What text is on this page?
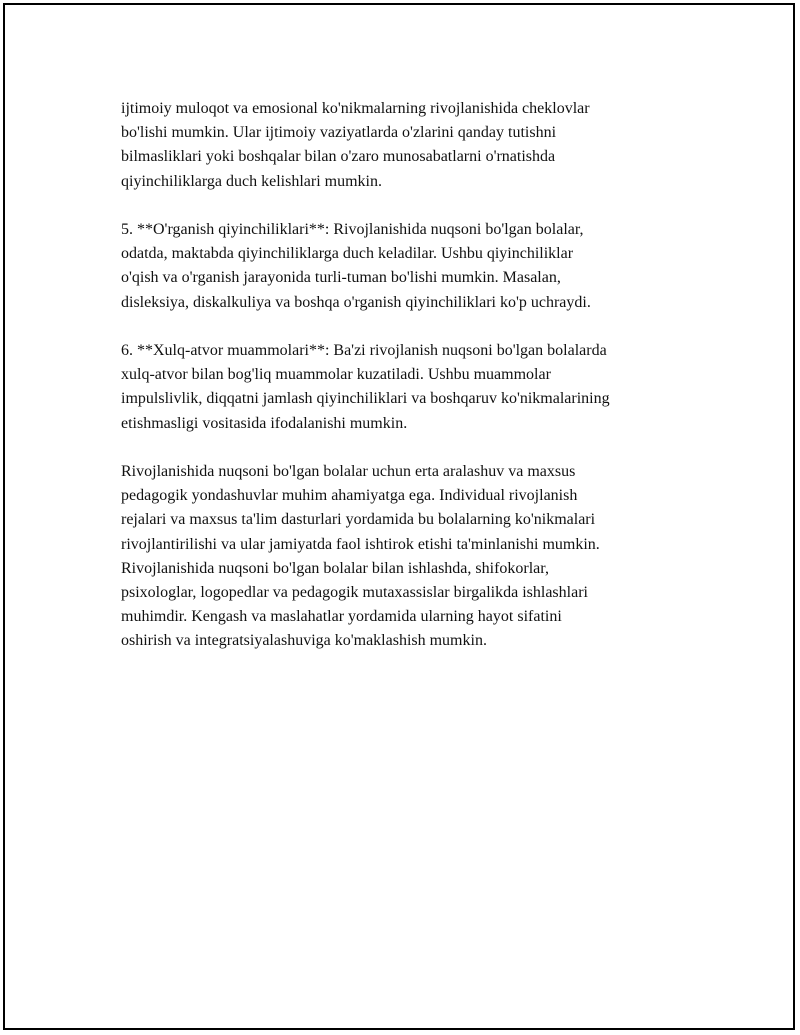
ijtimoiy muloqot va emosional ko'nikmalarning rivojlanishida cheklovlar
bo'lishi mumkin. Ular ijtimoiy vaziyatlarda o'zlarini qanday tutishni
bilmasliklari yoki boshqalar bilan o'zaro munosabatlarni o'rnatishda
qiyinchiliklarga duch kelishlari mumkin.

5. **O'rganish qiyinchiliklari**: Rivojlanishida nuqsoni bo'lgan bolalar,
odatda, maktabda qiyinchiliklarga duch keladilar. Ushbu qiyinchiliklar
o'qish va o'rganish jarayonida turli-tuman bo'lishi mumkin. Masalan,
disleksiya, diskalkuliya va boshqa o'rganish qiyinchiliklari ko'p uchraydi.

6. **Xulq-atvor muammolari**: Ba'zi rivojlanish nuqsoni bo'lgan bolalarda
xulq-atvor bilan bog'liq muammolar kuzatiladi. Ushbu muammolar
impulslivlik, diqqatni jamlash qiyinchiliklari va boshqaruv ko'nikmalarining
etishmasligi vositasida ifodalanishi mumkin.

Rivojlanishida nuqsoni bo'lgan bolalar uchun erta aralashuv va maxsus
pedagogik yondashuvlar muhim ahamiyatga ega. Individual rivojlanish
rejalari va maxsus ta'lim dasturlari yordamida bu bolalarning ko'nikmalari
rivojlantirilishi va ular jamiyatda faol ishtirok etishi ta'minlanishi mumkin.
Rivojlanishida nuqsoni bo'lgan bolalar bilan ishlashda, shifokorlar,
psixologlar, logopedlar va pedagogik mutaxassislar birgalikda ishlashlari
muhimdir. Kengash va maslahatlar yordamida ularning hayot sifatini
oshirish va integratsiyalashuviga ko'maklashish mumkin.
